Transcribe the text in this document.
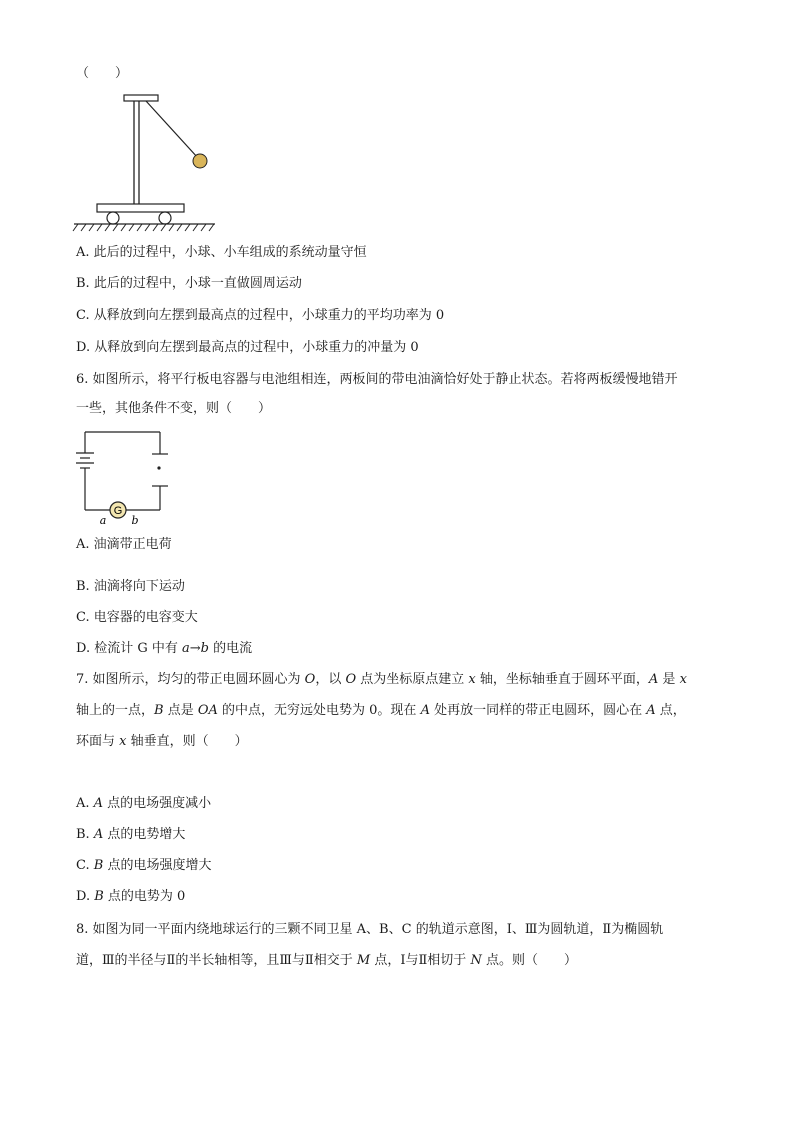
（　　）
A. 此后的过程中，小球、小车组成的系统动量守恒
B. 此后的过程中，小球一直做圆周运动
C. 从释放到向左摆到最高点的过程中，小球重力的平均功率为 0
D. 从释放到向左摆到最高点的过程中，小球重力的冲量为 0
6. 如图所示，将平行板电容器与电池组相连，两板间的带电油滴恰好处于静止状态。若将两板缓慢地错开
一些，其他条件不变，则（　　）
G
a b
A. 油滴带正电荷
B. 油滴将向下运动
C. 电容器的电容变大
D. 检流计 G 中有 a→b 的电流
7. 如图所示，均匀的带正电圆环圆心为 O，以 O 点为坐标原点建立 x 轴，坐标轴垂直于圆环平面，A 是 x
轴上的一点，B 点是 OA 的中点，无穷远处电势为 0。现在 A 处再放一同样的带正电圆环，圆心在 A 点，
环面与 x 轴垂直，则（　　）
A. A 点的电场强度减小
B. A 点的电势增大
C. B 点的电场强度增大
D. B 点的电势为 0
8. 如图为同一平面内绕地球运行的三颗不同卫星 A、B、C 的轨道示意图，Ⅰ、Ⅲ为圆轨道，Ⅱ为椭圆轨
道，Ⅲ的半径与Ⅱ的半长轴相等，且Ⅲ与Ⅱ相交于 M 点，Ⅰ与Ⅱ相切于 N 点。则（　　）
